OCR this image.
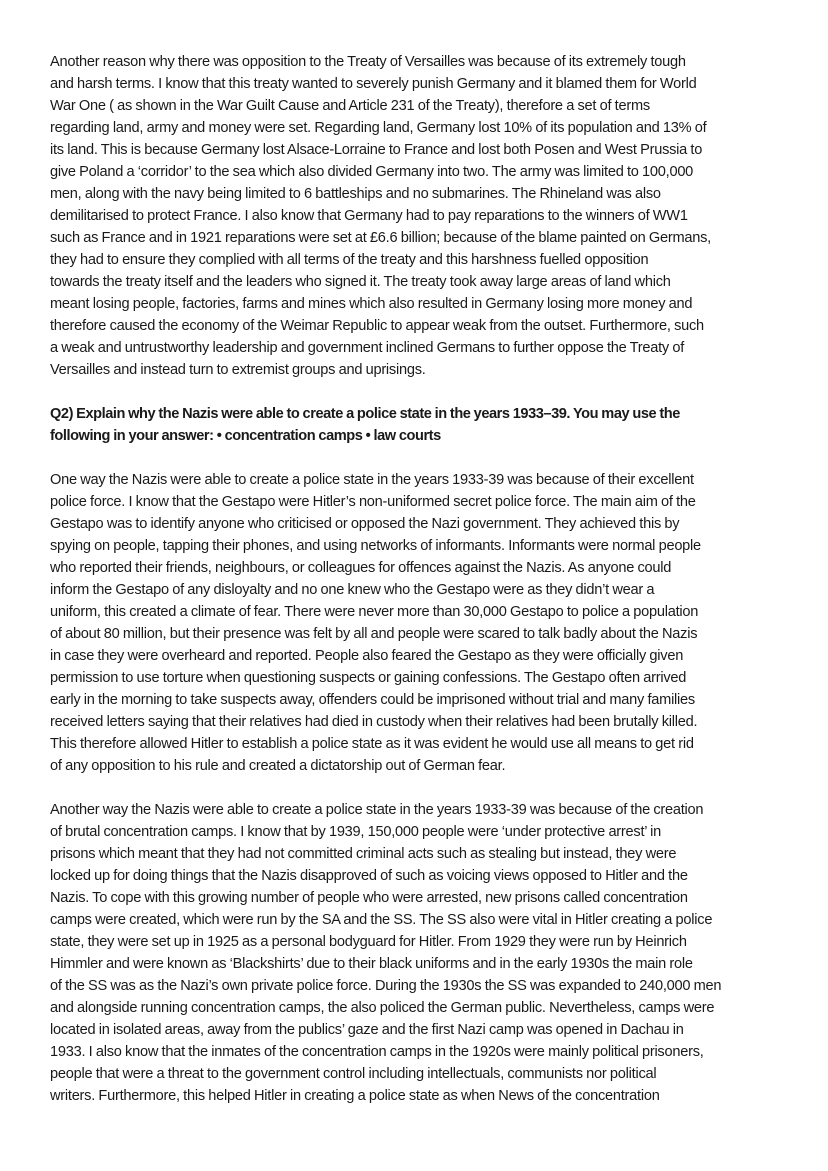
Another reason why there was opposition to the Treaty of Versailles was because of its extremely tough
and harsh terms. I know that this treaty wanted to severely punish Germany and it blamed them for World
War One ( as shown in the War Guilt Cause and Article 231 of the Treaty), therefore a set of terms
regarding land, army and money were set. Regarding land, Germany lost 10% of its population and 13% of
its land. This is because Germany lost Alsace-Lorraine to France and lost both Posen and West Prussia to
give Poland a ‘corridor’ to the sea which also divided Germany into two. The army was limited to 100,000
men, along with the navy being limited to 6 battleships and no submarines. The Rhineland was also
demilitarised to protect France. I also know that Germany had to pay reparations to the winners of WW1
such as France and in 1921 reparations were set at £6.6 billion; because of the blame painted on Germans,
they had to ensure they complied with all terms of the treaty and this harshness fuelled opposition
towards the treaty itself and the leaders who signed it. The treaty took away large areas of land which
meant losing people, factories, farms and mines which also resulted in Germany losing more money and
therefore caused the economy of the Weimar Republic to appear weak from the outset. Furthermore, such
a weak and untrustworthy leadership and government inclined Germans to further oppose the Treaty of
Versailles and instead turn to extremist groups and uprisings.
Q2) Explain why the Nazis were able to create a police state in the years 1933–39. You may use the
following in your answer: • concentration camps • law courts
One way the Nazis were able to create a police state in the years 1933-39 was because of their excellent
police force. I know that the Gestapo were Hitler’s non-uniformed secret police force. The main aim of the
Gestapo was to identify anyone who criticised or opposed the Nazi government. They achieved this by
spying on people, tapping their phones, and using networks of informants. Informants were normal people
who reported their friends, neighbours, or colleagues for offences against the Nazis. As anyone could
inform the Gestapo of any disloyalty and no one knew who the Gestapo were as they didn’t wear a
uniform, this created a climate of fear. There were never more than 30,000 Gestapo to police a population
of about 80 million, but their presence was felt by all and people were scared to talk badly about the Nazis
in case they were overheard and reported. People also feared the Gestapo as they were officially given
permission to use torture when questioning suspects or gaining confessions. The Gestapo often arrived
early in the morning to take suspects away, offenders could be imprisoned without trial and many families
received letters saying that their relatives had died in custody when their relatives had been brutally killed.
This therefore allowed Hitler to establish a police state as it was evident he would use all means to get rid
of any opposition to his rule and created a dictatorship out of German fear.
Another way the Nazis were able to create a police state in the years 1933-39 was because of the creation
of brutal concentration camps. I know that by 1939, 150,000 people were ‘under protective arrest’ in
prisons which meant that they had not committed criminal acts such as stealing but instead, they were
locked up for doing things that the Nazis disapproved of such as voicing views opposed to Hitler and the
Nazis. To cope with this growing number of people who were arrested, new prisons called concentration
camps were created, which were run by the SA and the SS. The SS also were vital in Hitler creating a police
state, they were set up in 1925 as a personal bodyguard for Hitler. From 1929 they were run by Heinrich
Himmler and were known as ‘Blackshirts’ due to their black uniforms and in the early 1930s the main role
of the SS was as the Nazi’s own private police force. During the 1930s the SS was expanded to 240,000 men
and alongside running concentration camps, the also policed the German public. Nevertheless, camps were
located in isolated areas, away from the publics’ gaze and the first Nazi camp was opened in Dachau in
1933. I also know that the inmates of the concentration camps in the 1920s were mainly political prisoners,
people that were a threat to the government control including intellectuals, communists nor political
writers. Furthermore, this helped Hitler in creating a police state as when News of the concentration
